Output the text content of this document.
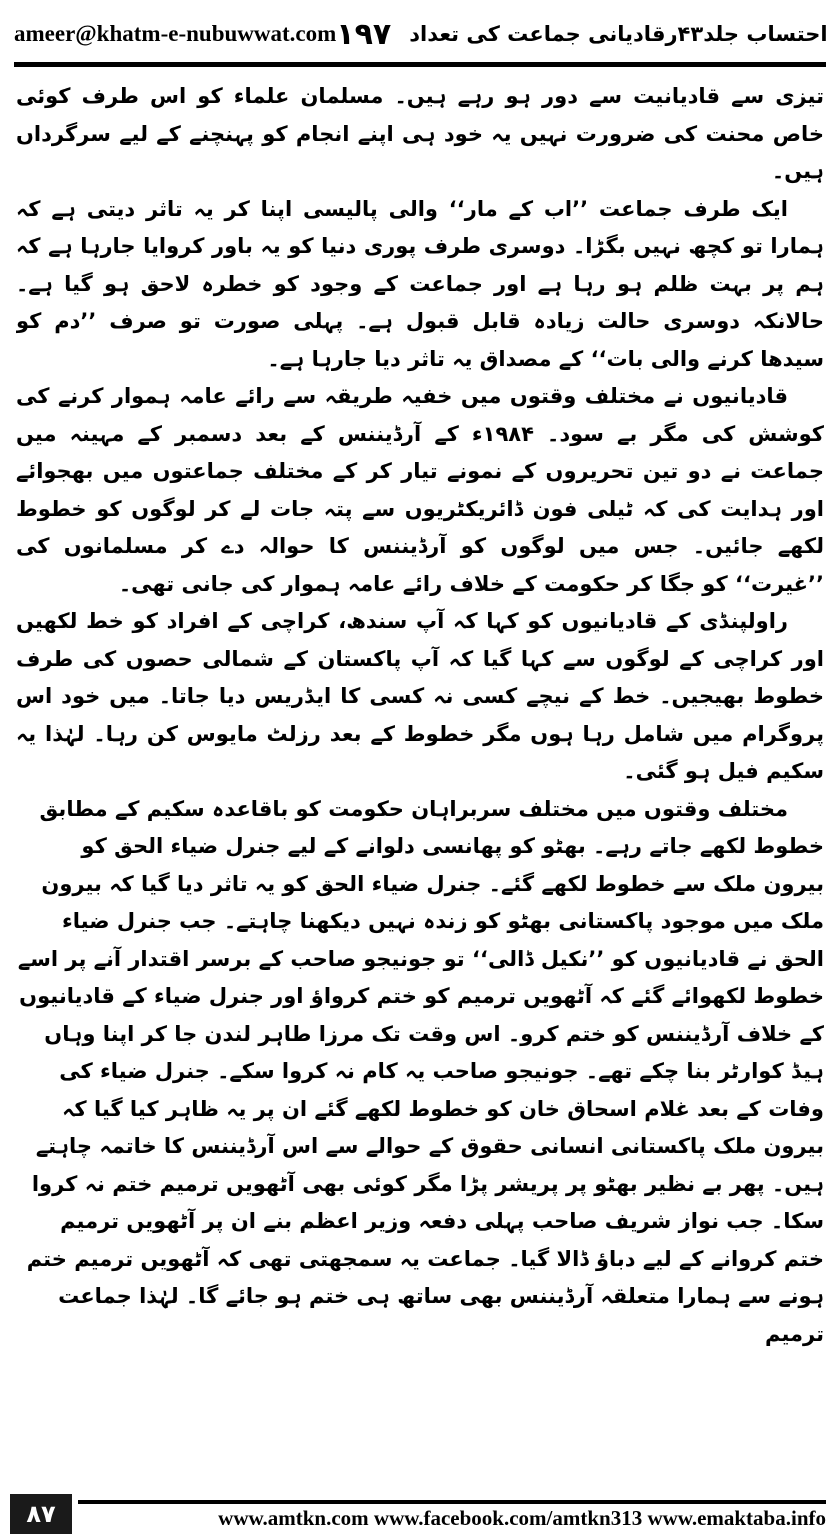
ameer@khatm-e-nubuwwat.com ۱۹۷ احتساب جلد۴۳رقادیانی جماعت کی تعداد

تیزی سے قادیانیت سے دور ہو رہے ہیں۔ مسلمان علماء کو اس طرف کوئی خاص محنت کی ضرورت نہیں یہ خود ہی اپنے انجام کو پہنچنے کے لیے سرگرداں ہیں۔

ایک طرف جماعت ’’اب کے مار‘‘ والی پالیسی اپنا کر یہ تاثر دیتی ہے کہ ہمارا تو کچھ نہیں بگڑا۔ دوسری طرف پوری دنیا کو یہ باور کروایا جارہا ہے کہ ہم پر بہت ظلم ہو رہا ہے اور جماعت کے وجود کو خطرہ لاحق ہو گیا ہے۔ حالانکہ دوسری حالت زیادہ قابل قبول ہے۔ پہلی صورت تو صرف ’’دم کو سیدھا کرنے والی بات‘‘ کے مصداق یہ تاثر دیا جارہا ہے۔

قادیانیوں نے مختلف وقتوں میں خفیہ طریقہ سے رائے عامہ ہموار کرنے کی کوشش کی مگر بے سود۔ ۱۹۸۴ء کے آرڈیننس کے بعد دسمبر کے مہینہ میں جماعت نے دو تین تحریروں کے نمونے تیار کر کے مختلف جماعتوں میں بھجوائے اور ہدایت کی کہ ٹیلی فون ڈائریکٹریوں سے پتہ جات لے کر لوگوں کو خطوط لکھے جائیں۔ جس میں لوگوں کو آرڈیننس کا حوالہ دے کر مسلمانوں کی ’’غیرت‘‘ کو جگا کر حکومت کے خلاف رائے عامہ ہموار کی جانی تھی۔

راولپنڈی کے قادیانیوں کو کہا کہ آپ سندھ، کراچی کے افراد کو خط لکھیں اور کراچی کے لوگوں سے کہا گیا کہ آپ پاکستان کے شمالی حصوں کی طرف خطوط بھیجیں۔ خط کے نیچے کسی نہ کسی کا ایڈریس دیا جاتا۔ میں خود اس پروگرام میں شامل رہا ہوں مگر خطوط کے بعد رزلٹ مایوس کن رہا۔ لہٰذا یہ سکیم فیل ہو گئی۔

مختلف وقتوں میں مختلف سربراہان حکومت کو باقاعدہ سکیم کے مطابق خطوط لکھے جاتے رہے۔ بھٹو کو پھانسی دلوانے کے لیے جنرل ضیاء الحق کو بیرون ملک سے خطوط لکھے گئے۔ جنرل ضیاء الحق کو یہ تاثر دیا گیا کہ بیرون ملک میں موجود پاکستانی بھٹو کو زندہ نہیں دیکھنا چاہتے۔ جب جنرل ضیاء الحق نے قادیانیوں کو ’’نکیل ڈالی‘‘ تو جونیجو صاحب کے برسر اقتدار آنے پر اسے خطوط لکھوائے گئے کہ آٹھویں ترمیم کو ختم کرواؤ اور جنرل ضیاء کے قادیانیوں کے خلاف آرڈیننس کو ختم کرو۔ اس وقت تک مرزا طاہر لندن جا کر اپنا وہاں ہیڈ کوارٹر بنا چکے تھے۔ جونیجو صاحب یہ کام نہ کروا سکے۔ جنرل ضیاء کی وفات کے بعد غلام اسحاق خان کو خطوط لکھے گئے ان پر یہ ظاہر کیا گیا کہ بیرون ملک پاکستانی انسانی حقوق کے حوالے سے اس آرڈیننس کا خاتمہ چاہتے ہیں۔ پھر بے نظیر بھٹو پر پریشر پڑا مگر کوئی بھی آٹھویں ترمیم ختم نہ کروا سکا۔ جب نواز شریف صاحب پہلی دفعہ وزیر اعظم بنے ان پر آٹھویں ترمیم ختم کروانے کے لیے دباؤ ڈالا گیا۔ جماعت یہ سمجھتی تھی کہ آٹھویں ترمیم ختم ہونے سے ہمارا متعلقہ آرڈیننس بھی ساتھ ہی ختم ہو جائے گا۔ لہٰذا جماعت ترمیم

۸۷	www.amtkn.com www.facebook.com/amtkn313 www.emaktaba.info
